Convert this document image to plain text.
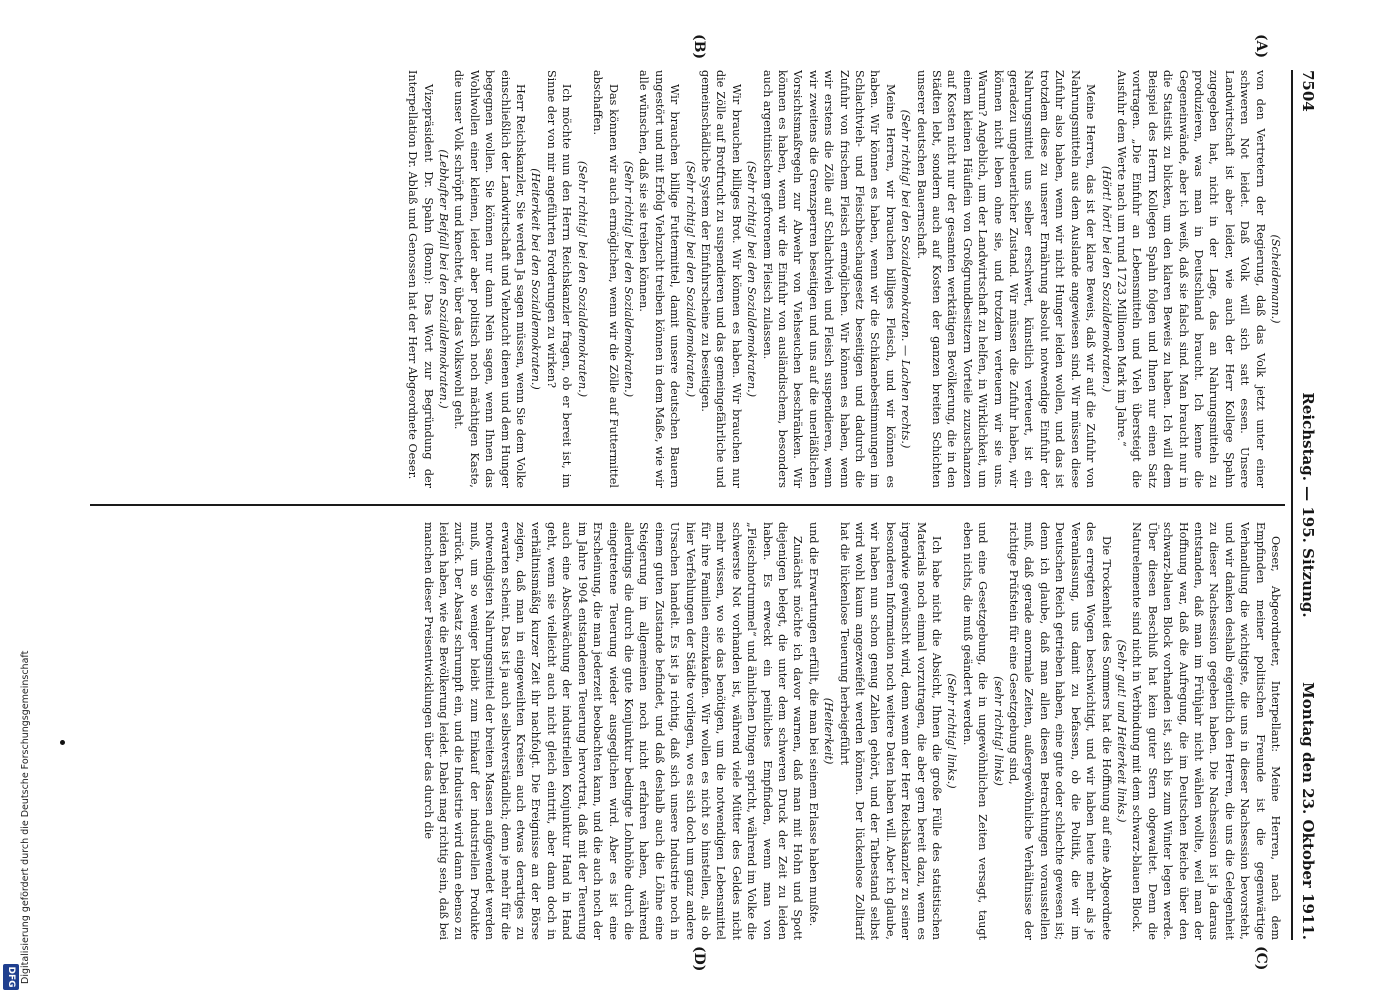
Digitalisierung gefördert durch die Deutsche Forschungsgemeinschaft
DFG
7504
Reichstag. — 195. Sitzung.
Montag den 23. Oktober 1911.
(A)
(B)
(C)
(D)

(Scheidemann.)

von den Vertretern der Regierung, daß das Volk jetzt unter einer schweren Not leidet. Daß Volk will sich satt essen. Unsere Landwirtschaft ist aber leider, wie auch der Herr Kollege Spahn zugegeben hat, nicht in der Lage, das an Nahrungsmitteln zu produzieren, was man in Deutschland braucht. Ich kenne die Gegeneinwände, aber ich weiß, daß sie falsch sind. Man braucht nur in die Statistik zu blicken, um den klaren Beweis zu haben. Ich will dem Beispiel des Herrn Kollegen Spahn folgen und Ihnen nur einen Satz vortragen. „Die Einfuhr an Lebensmitteln und Vieh übersteigt die Ausfuhr dem Werte nach um rund 1723 Millionen Mark im Jahre.“

(Hört! hört! bei den Sozialdemokraten.)

Meine Herren, das ist der klare Beweis, daß wir auf die Zufuhr von Nahrungsmitteln aus dem Auslande angewiesen sind. Wir müssen diese Zufuhr also haben, wenn wir nicht Hunger leiden wollen, und das ist trotzdem diese zu unserer Ernährung absolut notwendige Einfuhr der Nahrungsmittel uns selber erschwert, künstlich verteuert, ist ein geradezu ungeheuerlicher Zustand. Wir müssen die Zufuhr haben, wir können nicht leben ohne sie, und trotzdem verteuern wir sie uns. Warum? Angeblich, um der Landwirtschaft zu helfen, in Wirklichkeit, um einem kleinen Häuflein von Großgrundbesitzern Vorteile zuzuschanzen auf Kosten nicht nur der gesamten werktätigen Bevölkerung, die in den Städten lebt, sondern auch auf Kosten der ganzen breiten Schichten unserer deutschen Bauernschaft.

(Sehr richtig! bei den Sozialdemokraten. — Lachen rechts.)

Meine Herren, wir brauchen billiges Fleisch, und wir können es haben. Wir können es haben, wenn wir die Schikanebestimmungen im Schlachtvieh- und Fleischbeschaugesetz beseitigen und dadurch die Zufuhr von frischem Fleisch ermöglichen. Wir können es haben, wenn wir erstens die Zölle auf Schlachtvieh und Fleisch suspendieren, wenn wir zweitens die Grenzsperren beseitigen und uns auf die unerläßlichen Vorsichtsmaßregeln zur Abwehr von Viehseuchen beschränken. Wir können es haben, wenn wir die Einfuhr von ausländischem, besonders auch argentinischem gefrorenem Fleisch zulassen.

(Sehr richtig! bei den Sozialdemokraten.)

Wir brauchen billiges Brot. Wir können es haben. Wir brauchen nur die Zölle auf Brotfrucht zu suspendieren und das gemeingefährliche und gemeinschädliche System der Einfuhrscheine zu beseitigen.

(Sehr richtig! bei den Sozialdemokraten.)

Wir brauchen billige Futtermittel, damit unsere deutschen Bauern ungestört und mit Erfolg Viehzucht treiben können in dem Maße, wie wir alle wünschen, daß sie sie treiben können.

(Sehr richtig! bei den Sozialdemokraten.)

Das können wir auch ermöglichen, wenn wir die Zölle auf Futtermittel abschaffen.

(Sehr richtig! bei den Sozialdemokraten.)

Ich möchte nun den Herrn Reichskanzler fragen, ob er bereit ist, im Sinne der von mir angeführten Forderungen zu wirken?

(Heiterkeit bei den Sozialdemokraten.)

Herr Reichskanzler, Sie werden Ja sagen müssen, wenn Sie dem Volke einschließlich der Landwirtschaft und Viehzucht dienen und dem Hunger begegnen wollen. Sie können nur dann Nein sagen, wenn Ihnen das Wohlwollen einer kleinen, leider aber politisch noch mächtigen Kaste, die unser Volk schröpft und knechtet, über das Volkswohl geht.

(Lebhafter Beifall bei den Sozialdemokraten.)

Vizepräsident Dr. Spahn (Bonn): Das Wort zur Begründung der Interpellation Dr. Ablaß und Genossen hat der Herr Abgeordnete Oeser.

Oeser, Abgeordneter, Interpellant: Meine Herren, nach dem Empfinden meiner politischen Freunde ist die gegenwärtige Verhandlung die wichtigste, die uns in dieser Nachsession bevorsteht, und wir danken deshalb eigentlich den Herren, die uns die Gelegenheit zu dieser Nachsession gegeben haben. Die Nachsession ist ja daraus entstanden, daß man im Frühjahr nicht wählen wollte, weil man der Hoffnung war, daß die Aufregung, die im Deutschen Reiche über den schwarz-blauen Block vorhanden ist, sich bis zum Winter legen werde. Über diesen Beschluß hat kein guter Stern obgewaltet. Denn die Naturelemente sind nicht in Verbindung mit dem schwarz-blauen Block.

(Sehr gut! und Heiterkeit links.)

Die Trockenheit des Sommers hat die Hoffnung auf eine Abgeordnete des erregten Wogen beschwichtigt, und wir haben heute mehr als je Veranlassung, uns damit zu befassen, ob die Politik, die wir im Deutschen Reich getrieben haben, eine gute oder schlechte gewesen ist; denn ich glaube, daß man allen diesen Betrachtungen vorausstellen muß, daß gerade anormale Zeiten, außergewöhnliche Verhältnisse der richtige Prüfstein für eine Gesetzgebung sind,

(sehr richtig! links)

und eine Gesetzgebung, die in ungewöhnlichen Zeiten versagt, taugt eben nichts, die muß geändert werden.

(Sehr richtig! links.)

Ich habe nicht die Absicht, Ihnen die große Fülle des statistischen Materials noch einmal vorzutragen, die aber gern bereit dazu, wenn es irgendwie gewünscht wird, denn wenn der Herr Reichskanzler zu seiner besonderen Information noch weitere Daten haben will. Aber ich glaube, wir haben nun schon genug Zahlen gehört, und der Tatbestand selbst wird wohl kaum angezweifelt werden können. Der lückenlose Zolltarif hat die lückenlose Teuerung herbeigeführt

(Heiterkeit)

und die Erwartungen erfüllt, die man bei seinem Erlasse haben mußte.

Zunächst möchte ich davor warnen, daß man mit Hohn und Spott diejenigen belegt, die unter dem schweren Druck der Zeit zu leiden haben. Es erweckt ein peinliches Empfinden, wenn man von „Fleischnotrummel“ und ähnlichen Dingen spricht, während im Volke die schwerste Not vorhanden ist, während viele Mütter des Geldes nicht mehr wissen, wo sie das benötigen, um die notwendigen Lebensmittel für ihre Familien einzukaufen. Wir wollen es nicht so hinstellen, als ob hier Verfehlungen der Städte vorliegen, wo es sich doch um ganz andere Ursachen handelt. Es ist ja richtig, daß sich unsere Industrie noch in einem guten Zustande befindet, und daß deshalb auch die Löhne eine Steigerung im allgemeinen noch nicht erfahren haben, während allerdings die durch die gute Konjunktur bedingte Lohnhöhe durch die eingetretene Teuerung wieder ausgeglichen wird. Aber es ist eine Erscheinung, die man jederzeit beobachten kann, und die auch noch der im Jahre 1904 entstandenen Teuerung hervortrat, daß mit der Teuerung auch eine Abschwächung der industriellen Konjunktur Hand in Hand geht, wenn sie vielleicht auch nicht gleich eintritt, aber dann doch in verhältnismäßig kurzer Zeit ihr nachfolgt. Die Ereignisse an der Börse zeigen, daß man in eingeweihten Kreisen auch etwas derartiges zu erwarten scheint. Das ist ja auch selbstverständlich; denn je mehr für die notwendigsten Nahrungsmittel der breiten Massen aufgewendet werden muß, um so weniger bleibt zum Einkauf der industriellen Produkte zurück. Der Absatz schrumpft ein, und die Industrie wird dann ebenso zu leiden haben, wie die Bevölkerung leidet. Dabei mag richtig sein, daß bei manchen dieser Preisentwicklungen über das durch die
